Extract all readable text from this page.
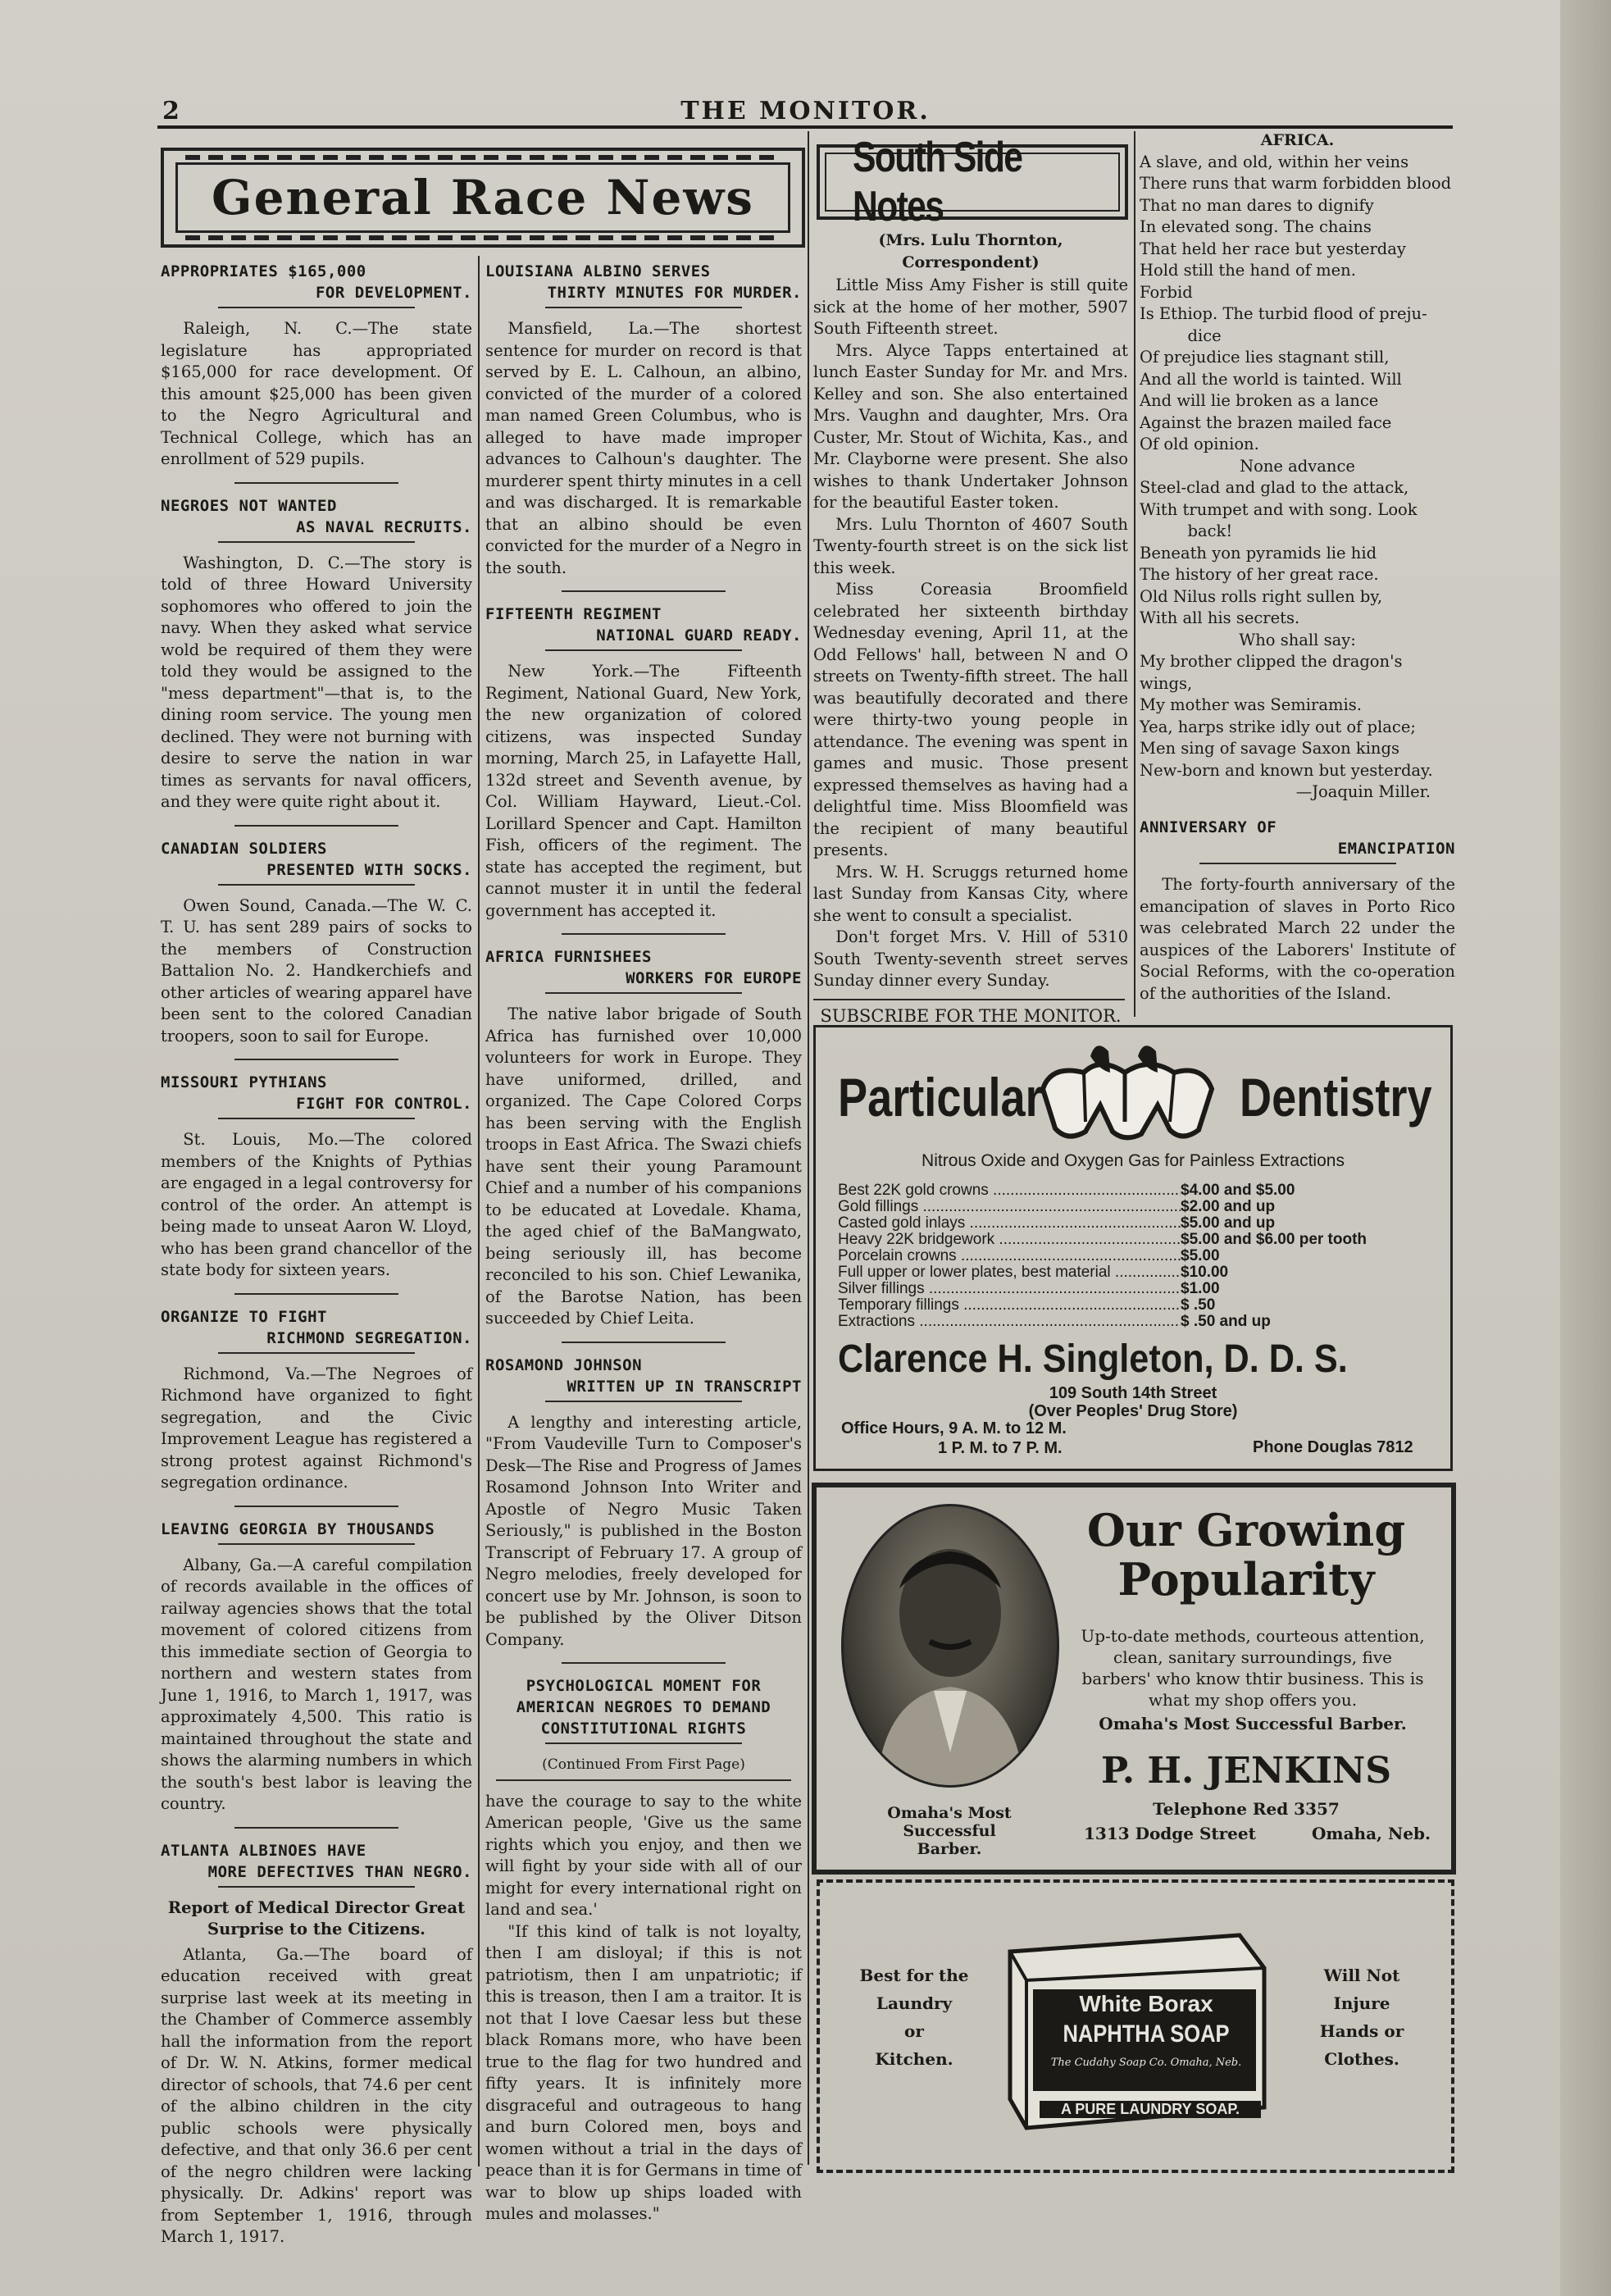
2	THE MONITOR.
General Race News
APPROPRIATES $165,000
FOR DEVELOPMENT.

Raleigh, N. C.—The state legislature has appropriated $165,000 for race development. Of this amount $25,000 has been given to the Negro Agricultural and Technical College, which has an enrollment of 529 pupils.

NEGROES NOT WANTED
AS NAVAL RECRUITS.

Washington, D. C.—The story is told of three Howard University sophomores who offered to join the navy. When they asked what service wold be required of them they were told they would be assigned to the "mess department"—that is, to the dining room service. The young men declined. They were not burning with desire to serve the nation in war times as servants for naval officers, and they were quite right about it.

CANADIAN SOLDIERS
PRESENTED WITH SOCKS.

Owen Sound, Canada.—The W. C. T. U. has sent 289 pairs of socks to the members of Construction Battalion No. 2. Handkerchiefs and other articles of wearing apparel have been sent to the colored Canadian troopers, soon to sail for Europe.

MISSOURI PYTHIANS
FIGHT FOR CONTROL.

St. Louis, Mo.—The colored members of the Knights of Pythias are engaged in a legal controversy for control of the order. An attempt is being made to unseat Aaron W. Lloyd, who has been grand chancellor of the state body for sixteen years.

ORGANIZE TO FIGHT
RICHMOND SEGREGATION.

Richmond, Va.—The Negroes of Richmond have organized to fight segregation, and the Civic Improvement League has registered a strong protest against Richmond's segregation ordinance.

LEAVING GEORGIA BY THOUSANDS

Albany, Ga.—A careful compilation of records available in the offices of railway agencies shows that the total movement of colored citizens from this immediate section of Georgia to northern and western states from June 1, 1916, to March 1, 1917, was approximately 4,500. This ratio is maintained throughout the state and shows the alarming numbers in which the south's best labor is leaving the country.

ATLANTA ALBINOES HAVE
MORE DEFECTIVES THAN NEGRO.
Report of Medical Director Great Surprise to the Citizens.

Atlanta, Ga.—The board of education received with great surprise last week at its meeting in the Chamber of Commerce assembly hall the information from the report of Dr. W. N. Atkins, former medical director of schools, that 74.6 per cent of the albino children in the city public schools were physically defective, and that only 36.6 per cent of the negro children were lacking physically. Dr. Adkins' report was from September 1, 1916, through March 1, 1917.

LOUISIANA ALBINO SERVES
THIRTY MINUTES FOR MURDER.

Mansfield, La.—The shortest sentence for murder on record is that served by E. L. Calhoun, an albino, convicted of the murder of a colored man named Green Columbus, who is alleged to have made improper advances to Calhoun's daughter. The murderer spent thirty minutes in a cell and was discharged. It is remarkable that an albino should be even convicted for the murder of a Negro in the south.

FIFTEENTH REGIMENT
NATIONAL GUARD READY.

New York.—The Fifteenth Regiment, National Guard, New York, the new organization of colored citizens, was inspected Sunday morning, March 25, in Lafayette Hall, 132d street and Seventh avenue, by Col. William Hayward, Lieut.-Col. Lorillard Spencer and Capt. Hamilton Fish, officers of the regiment. The state has accepted the regiment, but cannot muster it in until the federal government has accepted it.

AFRICA FURNISHEES
WORKERS FOR EUROPE

The native labor brigade of South Africa has furnished over 10,000 volunteers for work in Europe. They have uniformed, drilled, and organized. The Cape Colored Corps has been serving with the English troops in East Africa. The Swazi chiefs have sent their young Paramount Chief and a number of his companions to be educated at Lovedale. Khama, the aged chief of the BaMangwato, being seriously ill, has become reconciled to his son. Chief Lewanika, of the Barotse Nation, has been succeeded by Chief Leita.

ROSAMOND JOHNSON
WRITTEN UP IN TRANSCRIPT

A lengthy and interesting article, "From Vaudeville Turn to Composer's Desk—The Rise and Progress of James Rosamond Johnson Into Writer and Apostle of Negro Music Taken Seriously," is published in the Boston Transcript of February 17. A group of Negro melodies, freely developed for concert use by Mr. Johnson, is soon to be published by the Oliver Ditson Company.

PSYCHOLOGICAL MOMENT FOR
AMERICAN NEGROES TO DEMAND CONSTITUTIONAL RIGHTS
(Continued From First Page)

have the courage to say to the white American people, 'Give us the same rights which you enjoy, and then we will fight by your side with all of our might for every international right on land and sea.'

"If this kind of talk is not loyalty, then I am disloyal; if this is not patriotism, then I am unpatriotic; if this is treason, then I am a traitor. It is not that I love Caesar less but these black Romans more, who have been true to the flag for two hundred and fifty years. It is infinitely more disgraceful and outrageous to hang and burn Colored men, boys and women without a trial in the days of peace than it is for Germans in time of war to blow up ships loaded with mules and molasses."

South Side Notes
(Mrs. Lulu Thornton, Correspondent)

Little Miss Amy Fisher is still quite sick at the home of her mother, 5907 South Fifteenth street.

Mrs. Alyce Tapps entertained at lunch Easter Sunday for Mr. and Mrs. Kelley and son. She also entertained Mrs. Vaughn and daughter, Mrs. Ora Custer, Mr. Stout of Wichita, Kas., and Mr. Clayborne were present. She also wishes to thank Undertaker Johnson for the beautiful Easter token.

Mrs. Lulu Thornton of 4607 South Twenty-fourth street is on the sick list this week.

Miss Coreasia Broomfield celebrated her sixteenth birthday Wednesday evening, April 11, at the Odd Fellows' hall, between N and O streets on Twenty-fifth street. The hall was beautifully decorated and there were thirty-two young people in attendance. The evening was spent in games and music. Those present expressed themselves as having had a delightful time. Miss Bloomfield was the recipient of many beautiful presents.

Mrs. W. H. Scruggs returned home last Sunday from Kansas City, where she went to consult a specialist.

Don't forget Mrs. V. Hill of 5310 South Twenty-seventh street serves Sunday dinner every Sunday.

SUBSCRIBE FOR THE MONITOR.
AFRICA.
A slave, and old, within her veins
There runs that warm forbidden blood
That no man dares to dignify
In elevated song. The chains
That held her race but yesterday
Hold still the hand of men.
Forbid
Is Ethiop. The turbid flood of preju-
dice
Of prejudice lies stagnant still,
And all the world is tainted. Will
And will lie broken as a lance
Against the brazen mailed face
Of old opinion.
None advance
Steel-clad and glad to the attack,
With trumpet and with song. Look
back!
Beneath yon pyramids lie hid
The history of her great race.
Old Nilus rolls right sullen by,
With all his secrets.
Who shall say:
My brother clipped the dragon's wings,
My mother was Semiramis.
Yea, harps strike idly out of place;
Men sing of savage Saxon kings
New-born and known but yesterday.
—Joaquin Miller.
ANNIVERSARY OF
EMANCIPATION

The forty-fourth anniversary of the emancipation of slaves in Porto Rico was celebrated March 22 under the auspices of the Laborers' Institute of Social Reforms, with the co-operation of the authorities of the Island.

Particular	Dentistry
Nitrous Oxide and Oxygen Gas for Painless Extractions
Best 22K gold crowns .....	$4.00 and $5.00
Gold fillings .....	$2.00 and up
Casted gold inlays .....	$5.00 and up
Heavy 22K bridgework .....	$5.00 and $6.00 per tooth
Porcelain crowns .....	$5.00
Full upper or lower plates, best material .....	$10.00
Silver fillings .....	$1.00
Temporary fillings .....	$ .50
Extractions .....	$ .50 and up
Clarence H. Singleton, D. D. S.
109 South 14th Street
(Over Peoples' Drug Store)
Office Hours, 9 A. M. to 12 M.
1 P. M. to 7 P. M.	Phone Douglas 7812
Omaha's Most Successful
Barber.
Our Growing
Popularity
Up-to-date methods, courteous attention, clean, sanitary surroundings, five barbers' who know thtir business. This is what my shop offers you.
Omaha's Most Successful Barber.
P. H. JENKINS
Telephone Red 3357
1313 Dodge Street	Omaha, Neb.
Best for the
Laundry
or
Kitchen.
Will Not
Injure
Hands or
Clothes.
White Borax
NAPHTHA SOAP
The Cudahy Soap Co. Omaha, Neb.
A PURE LAUNDRY SOAP.
